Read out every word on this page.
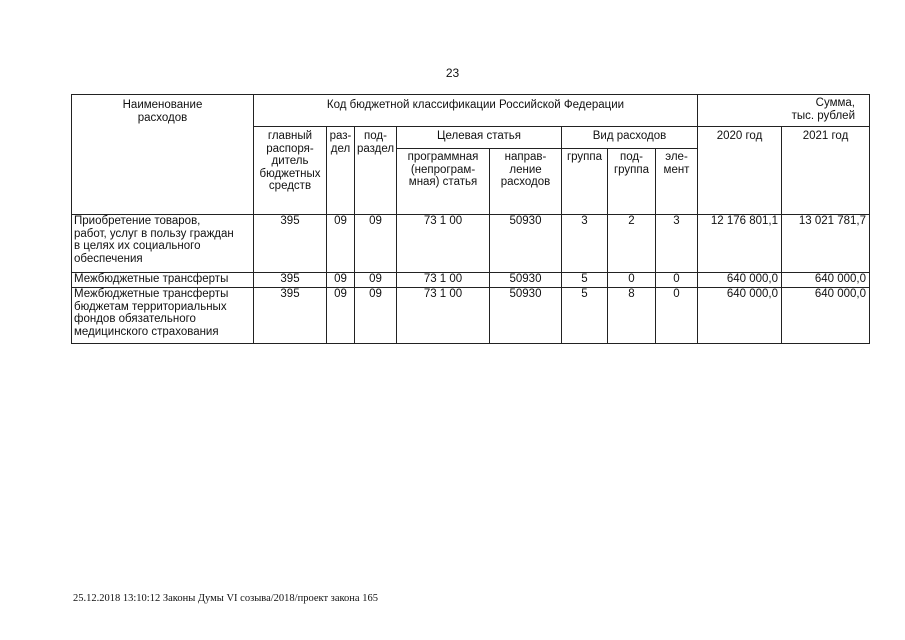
23
Наименование
расходов	Код бюджетной классификации Российской Федерации								Сумма,
тыс. рублей	
	главный
распоря-
дитель
бюджетных
средств	раз-
дел	под-
раздел	Целевая статья		Вид расходов			2020 год	2021 год
				программная
(непрограм-
мная) статья	направ-
ление
расходов	группа	под-
группа	эле-
мент		
Приобретение товаров,
работ, услуг в пользу граждан
в целях их социального
обеспечения	395	09	09	73 1 00	50930	3	2	3	12 176 801,1	13 021 781,7
Межбюджетные трансферты	395	09	09	73 1 00	50930	5	0	0	640 000,0	640 000,0
Межбюджетные трансферты
бюджетам территориальных
фондов обязательного
медицинского страхования	395	09	09	73 1 00	50930	5	8	0	640 000,0	640 000,0
25.12.2018 13:10:12 Законы Думы VI созыва/2018/проект закона 165
